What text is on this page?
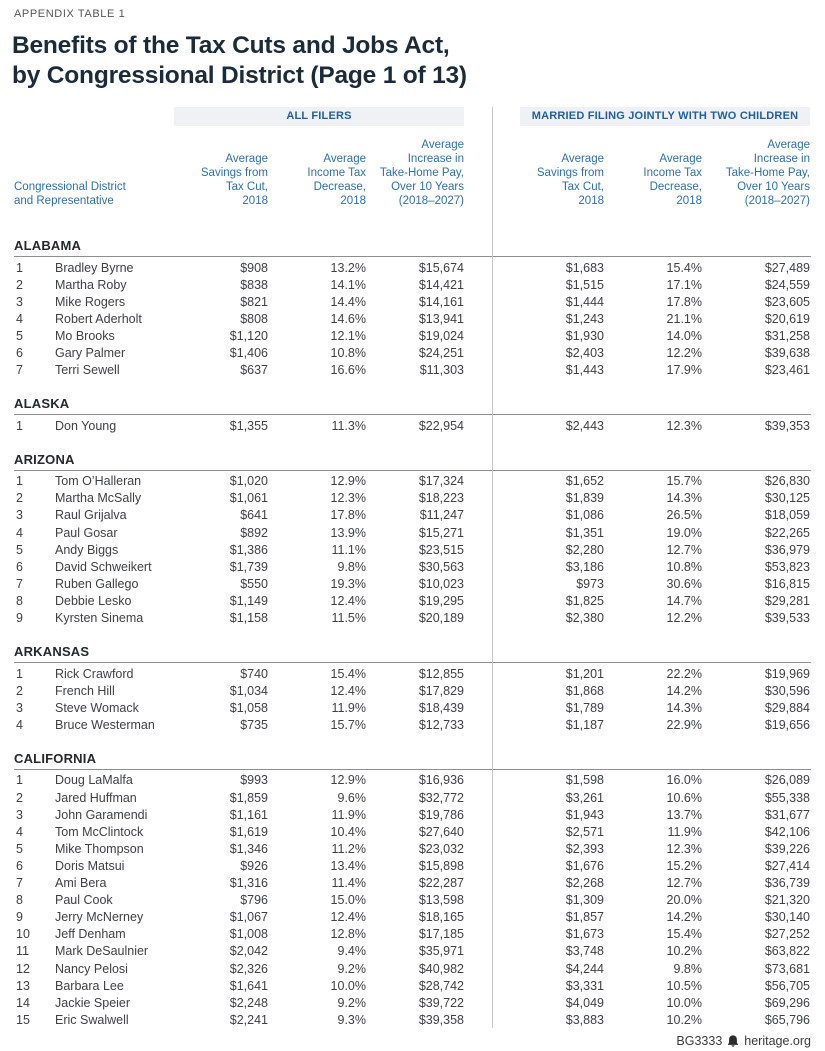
APPENDIX TABLE 1
Benefits of the Tax Cuts and Jobs Act,
by Congressional District (Page 1 of 13)
ALL FILERS	MARRIED FILING JOINTLY WITH TWO CHILDREN
Congressional District
and Representative
Average
Savings from
Tax Cut,
2018
Average
Income Tax
Decrease,
2018
Average
Increase in
Take-Home Pay,
Over 10 Years
(2018–2027)
Average
Savings from
Tax Cut,
2018
Average
Income Tax
Decrease,
2018
Average
Increase in
Take-Home Pay,
Over 10 Years
(2018–2027)
ALABAMA
1	Bradley Byrne	$908	13.2%	$15,674	$1,683	15.4%	$27,489
2	Martha Roby	$838	14.1%	$14,421	$1,515	17.1%	$24,559
3	Mike Rogers	$821	14.4%	$14,161	$1,444	17.8%	$23,605
4	Robert Aderholt	$808	14.6%	$13,941	$1,243	21.1%	$20,619
5	Mo Brooks	$1,120	12.1%	$19,024	$1,930	14.0%	$31,258
6	Gary Palmer	$1,406	10.8%	$24,251	$2,403	12.2%	$39,638
7	Terri Sewell	$637	16.6%	$11,303	$1,443	17.9%	$23,461
ALASKA
1	Don Young	$1,355	11.3%	$22,954	$2,443	12.3%	$39,353
ARIZONA
1	Tom O’Halleran	$1,020	12.9%	$17,324	$1,652	15.7%	$26,830
2	Martha McSally	$1,061	12.3%	$18,223	$1,839	14.3%	$30,125
3	Raul Grijalva	$641	17.8%	$11,247	$1,086	26.5%	$18,059
4	Paul Gosar	$892	13.9%	$15,271	$1,351	19.0%	$22,265
5	Andy Biggs	$1,386	11.1%	$23,515	$2,280	12.7%	$36,979
6	David Schweikert	$1,739	9.8%	$30,563	$3,186	10.8%	$53,823
7	Ruben Gallego	$550	19.3%	$10,023	$973	30.6%	$16,815
8	Debbie Lesko	$1,149	12.4%	$19,295	$1,825	14.7%	$29,281
9	Kyrsten Sinema	$1,158	11.5%	$20,189	$2,380	12.2%	$39,533
ARKANSAS
1	Rick Crawford	$740	15.4%	$12,855	$1,201	22.2%	$19,969
2	French Hill	$1,034	12.4%	$17,829	$1,868	14.2%	$30,596
3	Steve Womack	$1,058	11.9%	$18,439	$1,789	14.3%	$29,884
4	Bruce Westerman	$735	15.7%	$12,733	$1,187	22.9%	$19,656
CALIFORNIA
1	Doug LaMalfa	$993	12.9%	$16,936	$1,598	16.0%	$26,089
2	Jared Huffman	$1,859	9.6%	$32,772	$3,261	10.6%	$55,338
3	John Garamendi	$1,161	11.9%	$19,786	$1,943	13.7%	$31,677
4	Tom McClintock	$1,619	10.4%	$27,640	$2,571	11.9%	$42,106
5	Mike Thompson	$1,346	11.2%	$23,032	$2,393	12.3%	$39,226
6	Doris Matsui	$926	13.4%	$15,898	$1,676	15.2%	$27,414
7	Ami Bera	$1,316	11.4%	$22,287	$2,268	12.7%	$36,739
8	Paul Cook	$796	15.0%	$13,598	$1,309	20.0%	$21,320
9	Jerry McNerney	$1,067	12.4%	$18,165	$1,857	14.2%	$30,140
10	Jeff Denham	$1,008	12.8%	$17,185	$1,673	15.4%	$27,252
11	Mark DeSaulnier	$2,042	9.4%	$35,971	$3,748	10.2%	$63,822
12	Nancy Pelosi	$2,326	9.2%	$40,982	$4,244	9.8%	$73,681
13	Barbara Lee	$1,641	10.0%	$28,742	$3,331	10.5%	$56,705
14	Jackie Speier	$2,248	9.2%	$39,722	$4,049	10.0%	$69,296
15	Eric Swalwell	$2,241	9.3%	$39,358	$3,883	10.2%	$65,796
BG3333 heritage.org
